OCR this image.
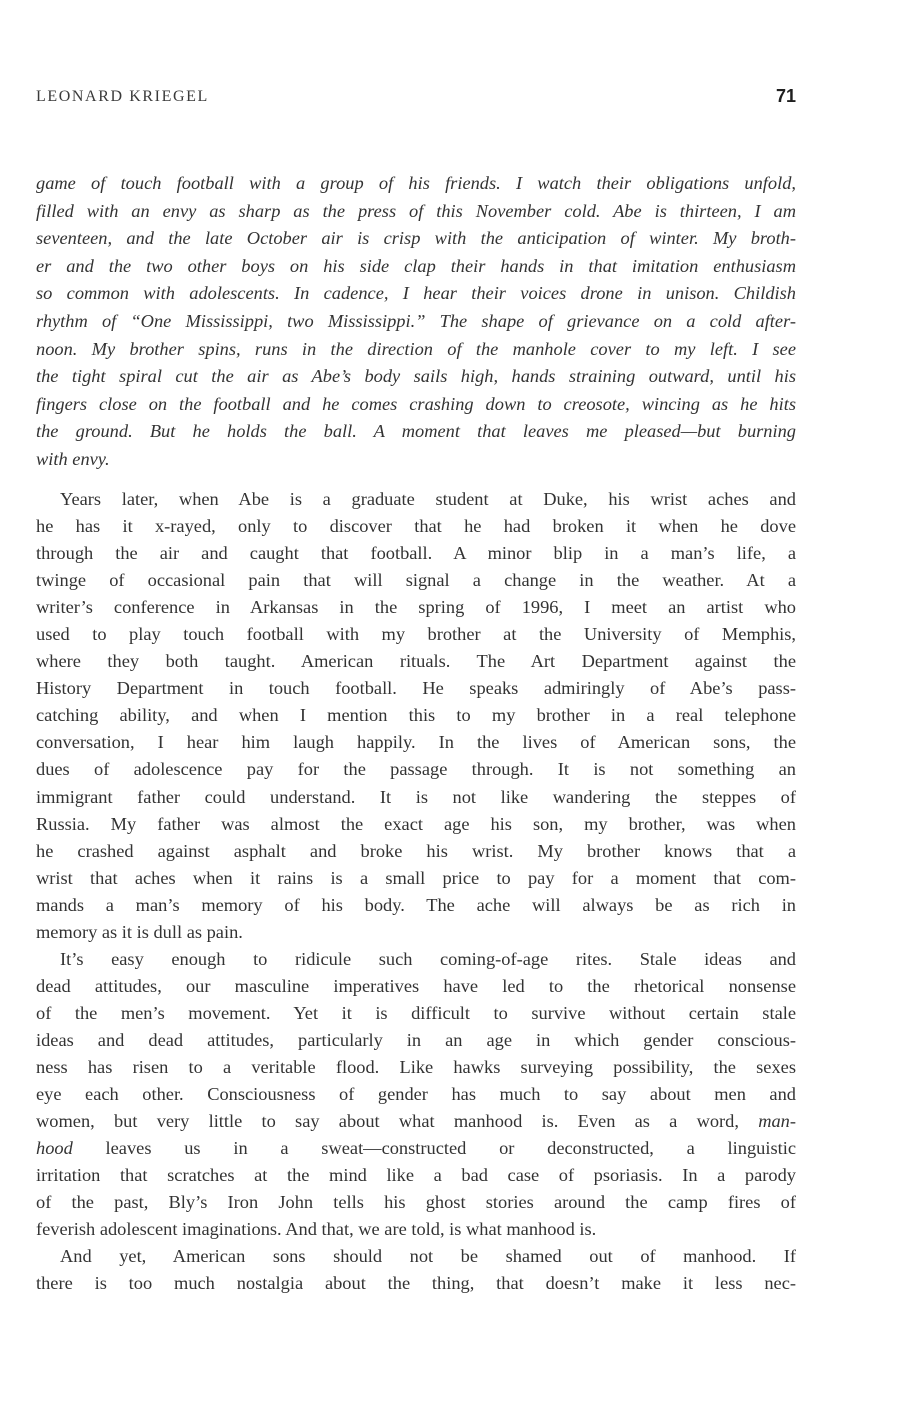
LEONARD KRIEGEL	71
game of touch football with a group of his friends. I watch their obligations unfold,
filled with an envy as sharp as the press of this November cold. Abe is thirteen, I am
seventeen, and the late October air is crisp with the anticipation of winter. My broth-
er and the two other boys on his side clap their hands in that imitation enthusiasm
so common with adolescents. In cadence, I hear their voices drone in unison. Childish
rhythm of “One Mississippi, two Mississippi.” The shape of grievance on a cold after-
noon. My brother spins, runs in the direction of the manhole cover to my left. I see
the tight spiral cut the air as Abe’s body sails high, hands straining outward, until his
fingers close on the football and he comes crashing down to creosote, wincing as he hits
the ground. But he holds the ball. A moment that leaves me pleased—but burning
with envy.
Years later, when Abe is a graduate student at Duke, his wrist aches and
he has it x-rayed, only to discover that he had broken it when he dove
through the air and caught that football. A minor blip in a man’s life, a
twinge of occasional pain that will signal a change in the weather. At a
writer’s conference in Arkansas in the spring of 1996, I meet an artist who
used to play touch football with my brother at the University of Memphis,
where they both taught. American rituals. The Art Department against the
History Department in touch football. He speaks admiringly of Abe’s pass-
catching ability, and when I mention this to my brother in a real telephone
conversation, I hear him laugh happily. In the lives of American sons, the
dues of adolescence pay for the passage through. It is not something an
immigrant father could understand. It is not like wandering the steppes of
Russia. My father was almost the exact age his son, my brother, was when
he crashed against asphalt and broke his wrist. My brother knows that a
wrist that aches when it rains is a small price to pay for a moment that com-
mands a man’s memory of his body. The ache will always be as rich in
memory as it is dull as pain.
It’s easy enough to ridicule such coming-of-age rites. Stale ideas and
dead attitudes, our masculine imperatives have led to the rhetorical nonsense
of the men’s movement. Yet it is difficult to survive without certain stale
ideas and dead attitudes, particularly in an age in which gender conscious-
ness has risen to a veritable flood. Like hawks surveying possibility, the sexes
eye each other. Consciousness of gender has much to say about men and
women, but very little to say about what manhood is. Even as a word, man-
hood leaves us in a sweat—constructed or deconstructed, a linguistic
irritation that scratches at the mind like a bad case of psoriasis. In a parody
of the past, Bly’s Iron John tells his ghost stories around the camp fires of
feverish adolescent imaginations. And that, we are told, is what manhood is.
And yet, American sons should not be shamed out of manhood. If
there is too much nostalgia about the thing, that doesn’t make it less nec-
